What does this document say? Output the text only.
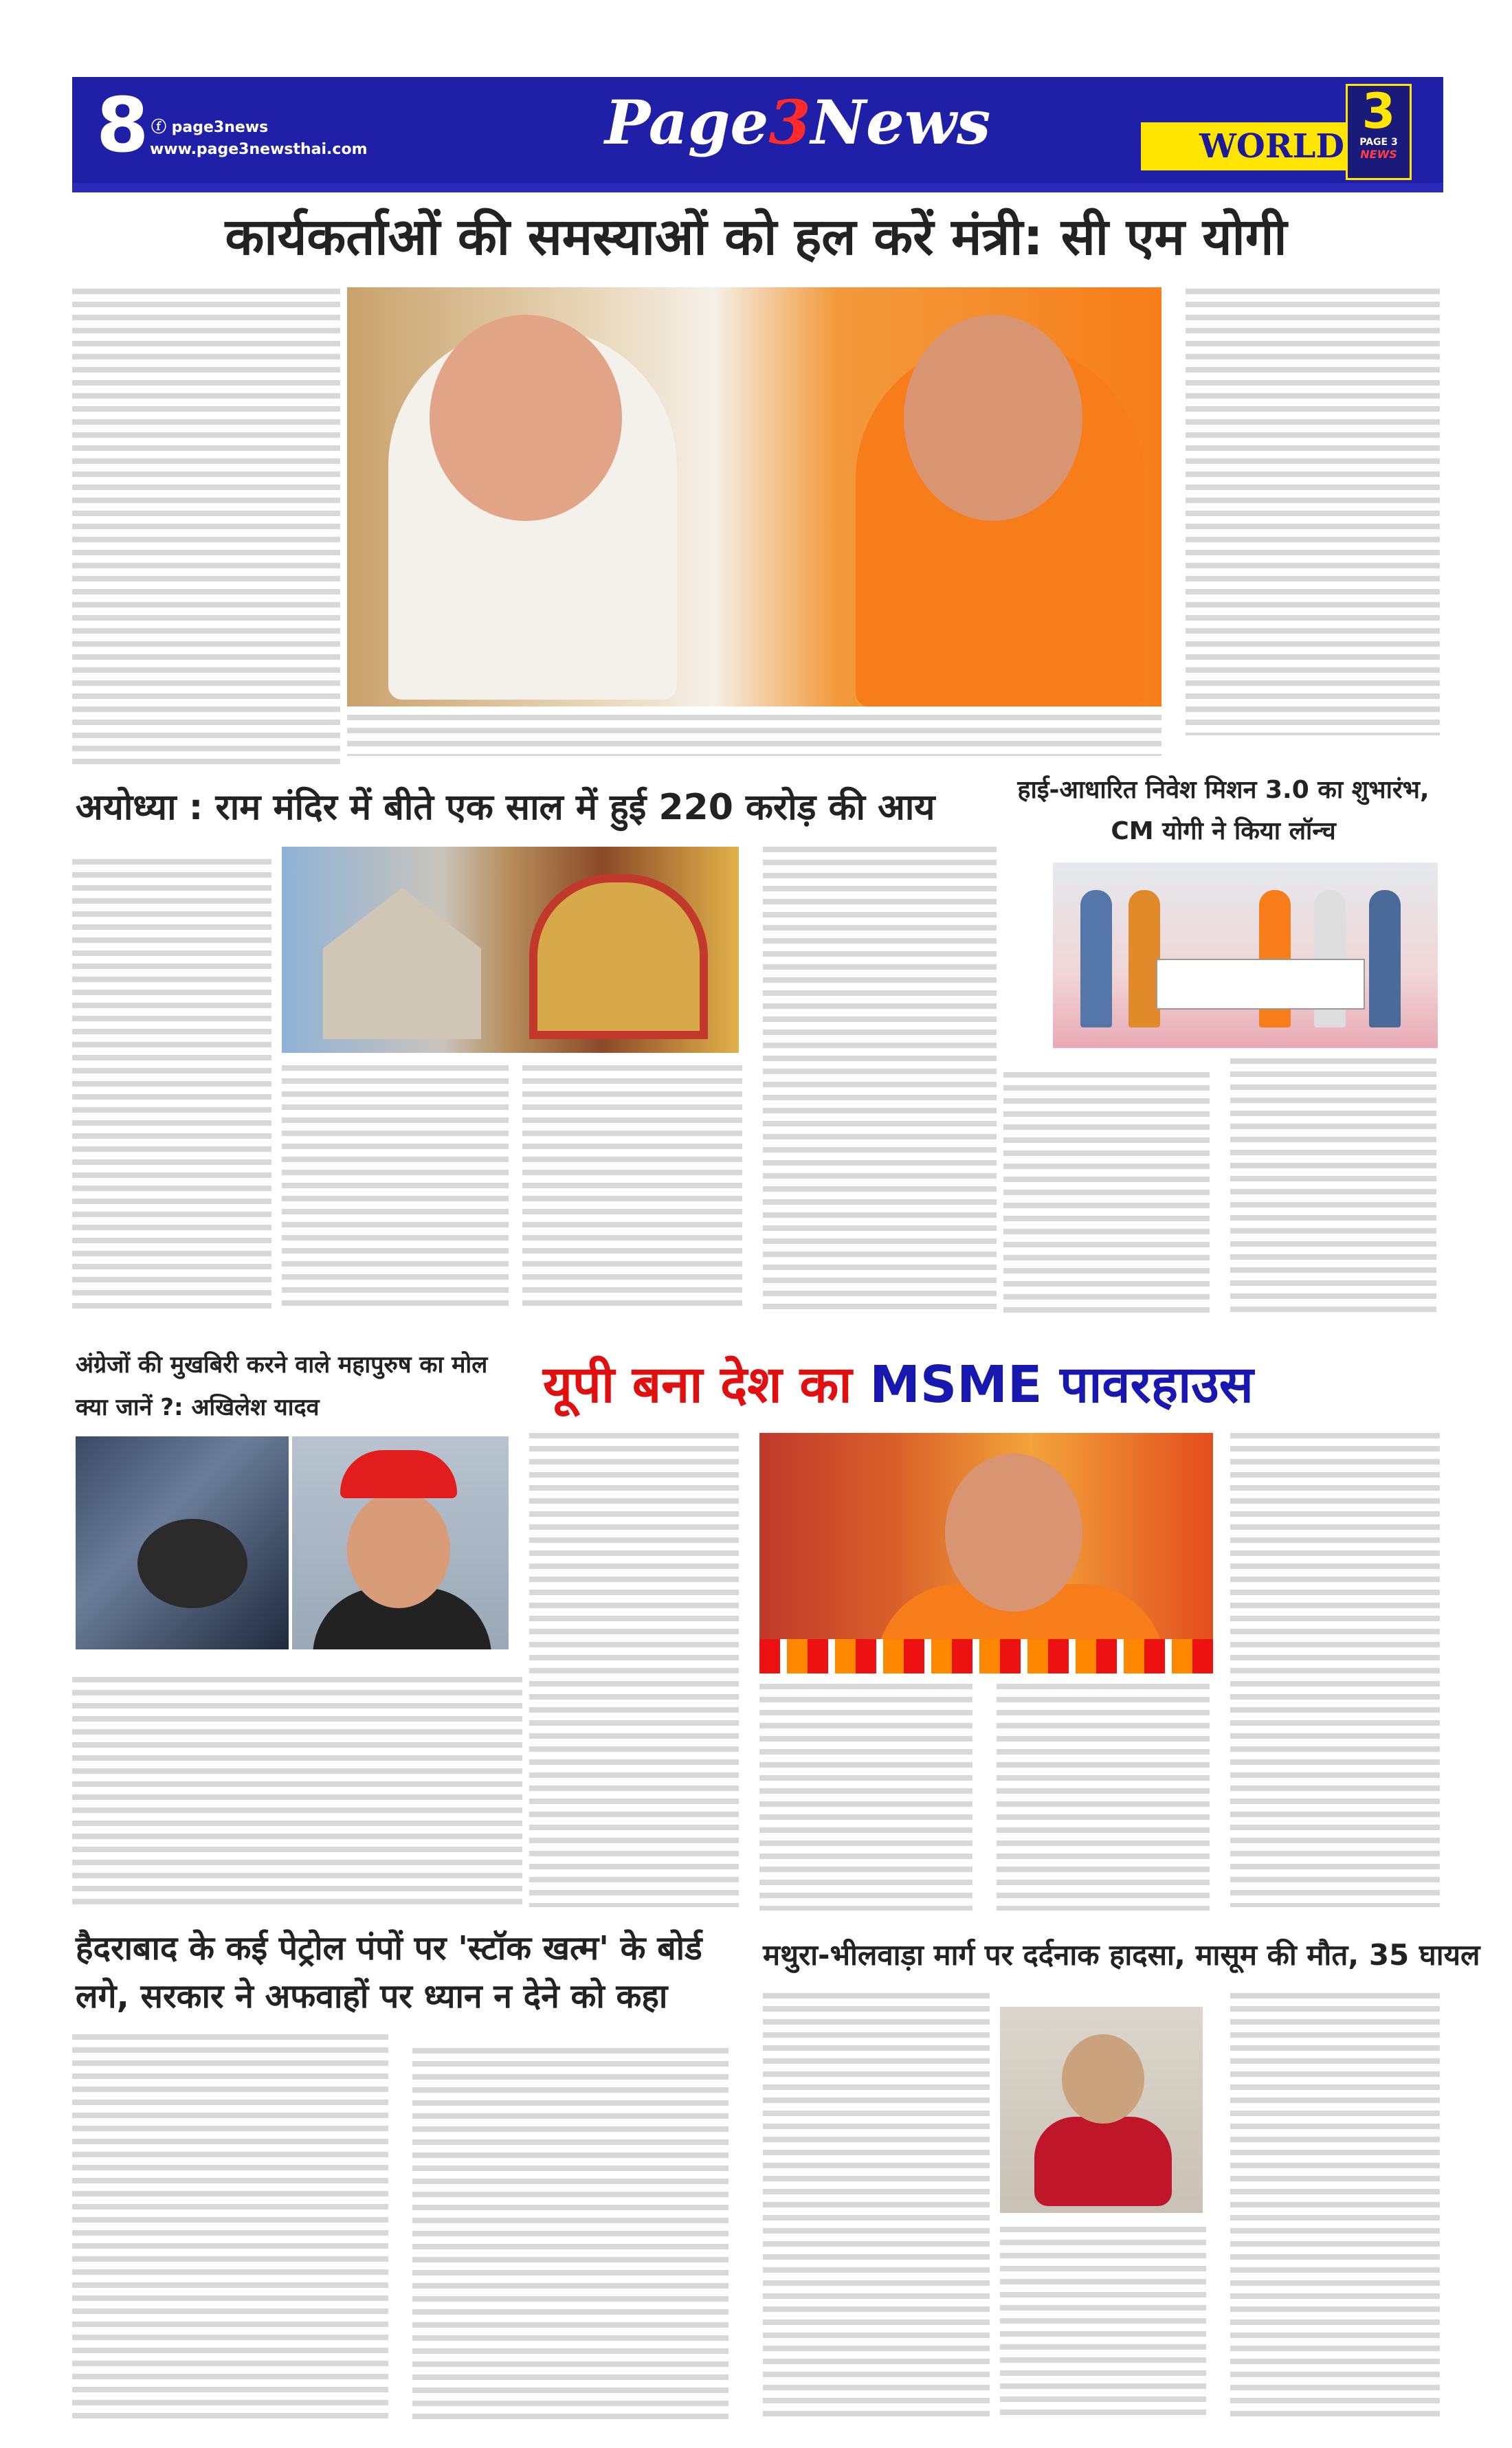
8 ⓕ page3news
www.page3newsthai.com	Page3News	WORLD
3
PAGE 3
NEWS
कार्यकर्ताओं की समस्याओं को हल करें मंत्री: सी एम योगी
अयोध्या : राम मंदिर में बीते एक साल में हुई 220 करोड़ की आय	हाई-आधारित निवेश मिशन 3.0 का शुभारंभ, CM योगी ने किया लॉन्च
अंग्रेजों की मुखबिरी करने वाले महापुरुष का मोल क्या जानें ?: अखिलेश यादव	यूपी बना देश का MSME पावरहाउस
हैदराबाद के कई पेट्रोल पंपों पर 'स्टॉक खत्म' के बोर्ड लगे, सरकार ने अफवाहों पर ध्यान न देने को कहा
मथुरा-भीलवाड़ा मार्ग पर दर्दनाक हादसा, मासूम की मौत, 35 घायल
